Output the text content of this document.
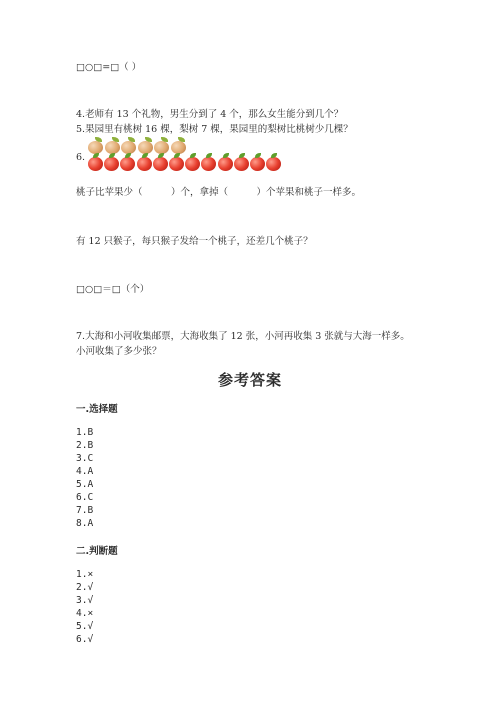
□○□=□（ ）
4.老师有 13 个礼物，男生分到了 4 个，那么女生能分到几个？
5.果园里有桃树 16 棵，梨树 7 棵，果园里的梨树比桃树少几棵？
6.
桃子比苹果少（　　　）个，拿掉（　　　）个苹果和桃子一样多。
有 12 只猴子，每只猴子发给一个桃子，还差几个桃子？
□○□＝□（个）
7.大海和小河收集邮票，大海收集了 12 张，小河再收集 3 张就与大海一样多。
小河收集了多少张？
参考答案
一.选择题
1.B
2.B
3.C
4.A
5.A
6.C
7.B
8.A
二.判断题
1.×
2.√
3.√
4.×
5.√
6.√
